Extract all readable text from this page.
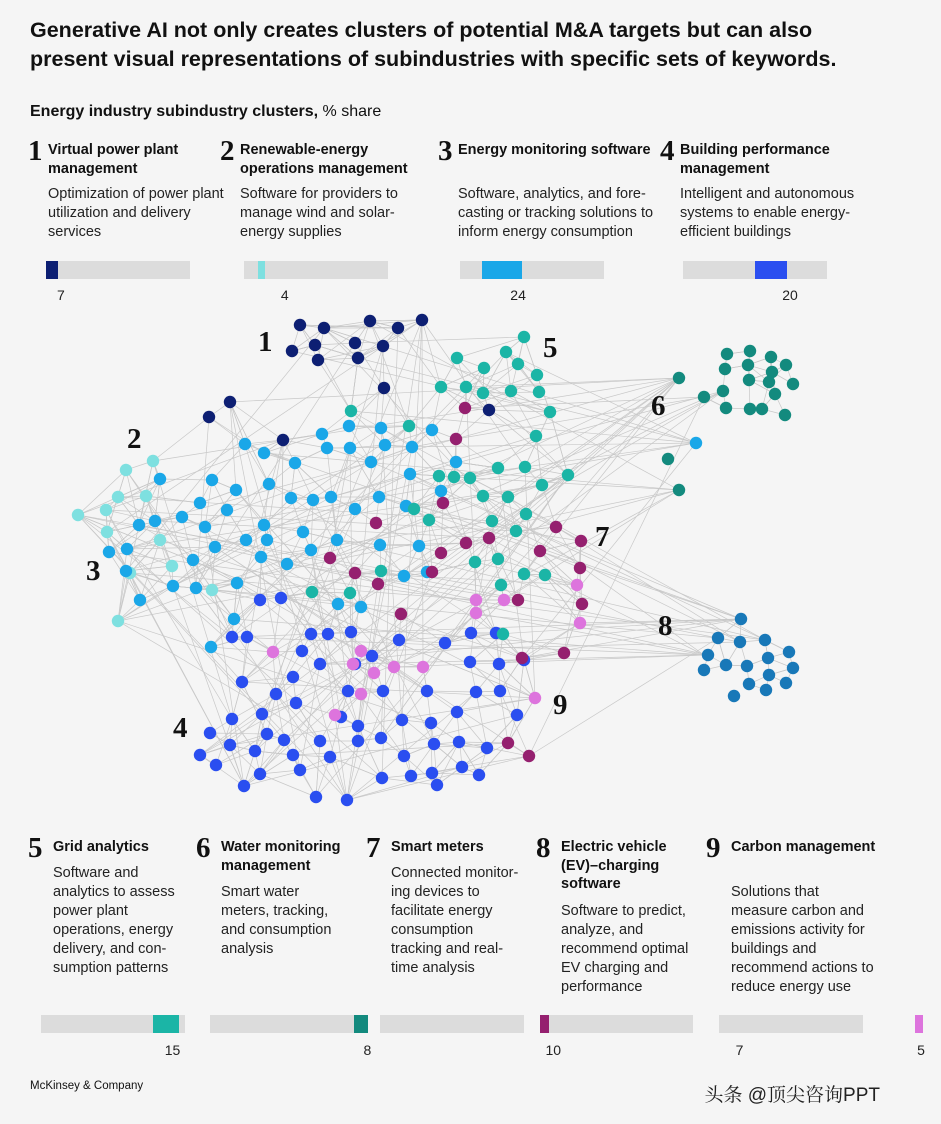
Generative AI not only creates clusters of potential M&A targets but can also present visual representations of subindustries with specific sets of keywords.
Energy industry subindustry clusters, % share
1 Virtual power plant management
Optimization of power plant utilization and delivery services
7
2 Renewable-energy operations management
Software for providers to manage wind and solar-energy supplies
4
3 Energy monitoring software
Software, analytics, and fore-casting or tracking solutions to inform energy consumption
24
4 Building performance management
Intelligent and autonomous systems to enable energy-efficient buildings
20
5 Grid analytics
Software and analytics to assess power plant operations, energy delivery, and con-sumption patterns
15
6 Water monitoring management
Smart water meters, tracking, and consumption analysis
8
7 Smart meters
Connected monitor-ing devices to facilitate energy consumption tracking and real-time analysis
10
8 Electric vehicle (EV)–charging software
Software to predict, analyze, and recommend optimal EV charging and performance
7
9 Carbon management
Solutions that measure carbon and emissions activity for buildings and recommend actions to reduce energy use
5
1
2
3
4
5
6
7
8
9
McKinsey & Company	头条 @顶尖咨询PPT
